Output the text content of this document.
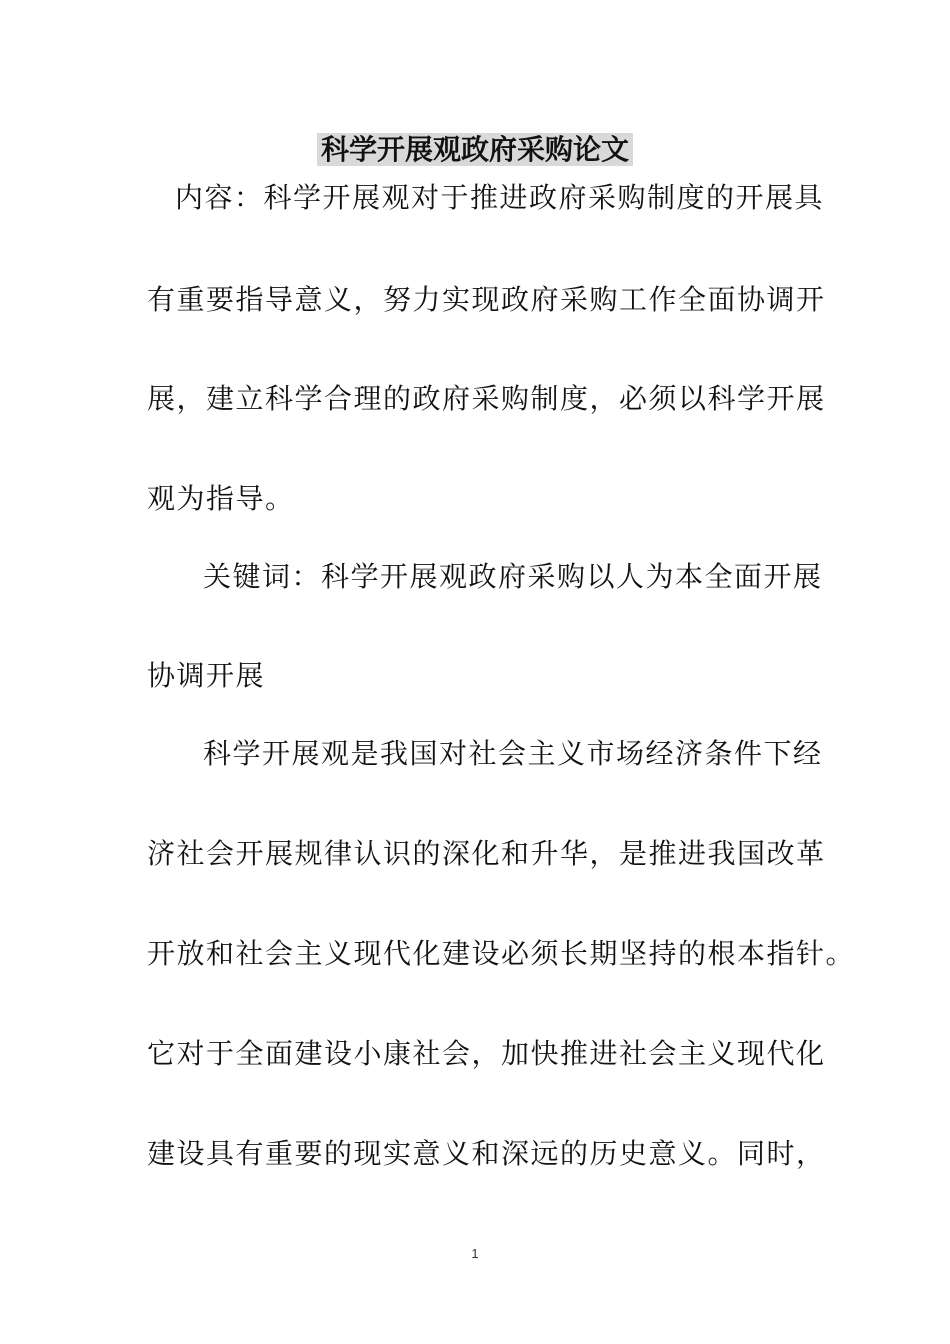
科学开展观政府采购论文
内容：科学开展观对于推进政府采购制度的开展具
有重要指导意义，努力实现政府采购工作全面协调开
展，建立科学合理的政府采购制度，必须以科学开展
观为指导。
关键词：科学开展观政府采购以人为本全面开展
协调开展
科学开展观是我国对社会主义市场经济条件下经
济社会开展规律认识的深化和升华，是推进我国改革
开放和社会主义现代化建设必须长期坚持的根本指针。
它对于全面建设小康社会，加快推进社会主义现代化
建设具有重要的现实意义和深远的历史意义。同时，
1
